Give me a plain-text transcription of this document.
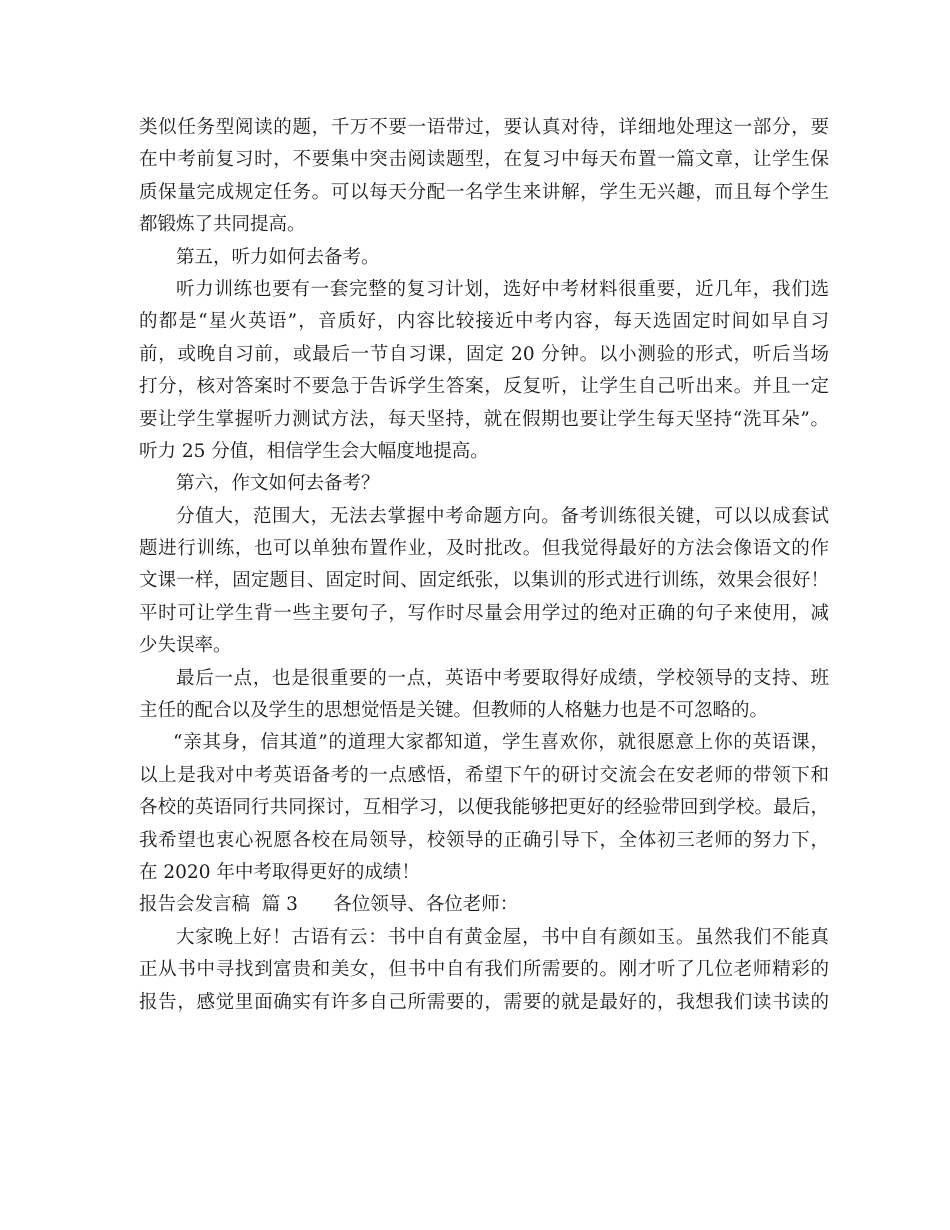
类似任务型阅读的题，千万不要一语带过，要认真对待，详细地处理这一部分，要
在中考前复习时，不要集中突击阅读题型，在复习中每天布置一篇文章，让学生保
质保量完成规定任务。可以每天分配一名学生来讲解，学生无兴趣，而且每个学生
都锻炼了共同提高。
第五，听力如何去备考。
听力训练也要有一套完整的复习计划，选好中考材料很重要，近几年，我们选
的都是“星火英语”，音质好，内容比较接近中考内容，每天选固定时间如早自习
前，或晚自习前，或最后一节自习课，固定 20 分钟。以小测验的形式，听后当场
打分，核对答案时不要急于告诉学生答案，反复听，让学生自己听出来。并且一定
要让学生掌握听力测试方法，每天坚持，就在假期也要让学生每天坚持“洗耳朵”。
听力 25 分值，相信学生会大幅度地提高。
第六，作文如何去备考？
分值大，范围大，无法去掌握中考命题方向。备考训练很关键，可以以成套试
题进行训练，也可以单独布置作业，及时批改。但我觉得最好的方法会像语文的作
文课一样，固定题目、固定时间、固定纸张，以集训的形式进行训练，效果会很好！
平时可让学生背一些主要句子，写作时尽量会用学过的绝对正确的句子来使用，减
少失误率。
最后一点，也是很重要的一点，英语中考要取得好成绩，学校领导的支持、班
主任的配合以及学生的思想觉悟是关键。但教师的人格魅力也是不可忽略的。
“亲其身，信其道”的道理大家都知道，学生喜欢你，就很愿意上你的英语课，
以上是我对中考英语备考的一点感悟，希望下午的研讨交流会在安老师的带领下和
各校的英语同行共同探讨，互相学习，以便我能够把更好的经验带回到学校。最后，
我希望也衷心祝愿各校在局领导，校领导的正确引导下，全体初三老师的努力下，
在 2020 年中考取得更好的成绩！
报告会发言稿  篇 3      各位领导、各位老师：
大家晚上好！古语有云：书中自有黄金屋，书中自有颜如玉。虽然我们不能真
正从书中寻找到富贵和美女，但书中自有我们所需要的。刚才听了几位老师精彩的
报告，感觉里面确实有许多自己所需要的，需要的就是最好的，我想我们读书读的
